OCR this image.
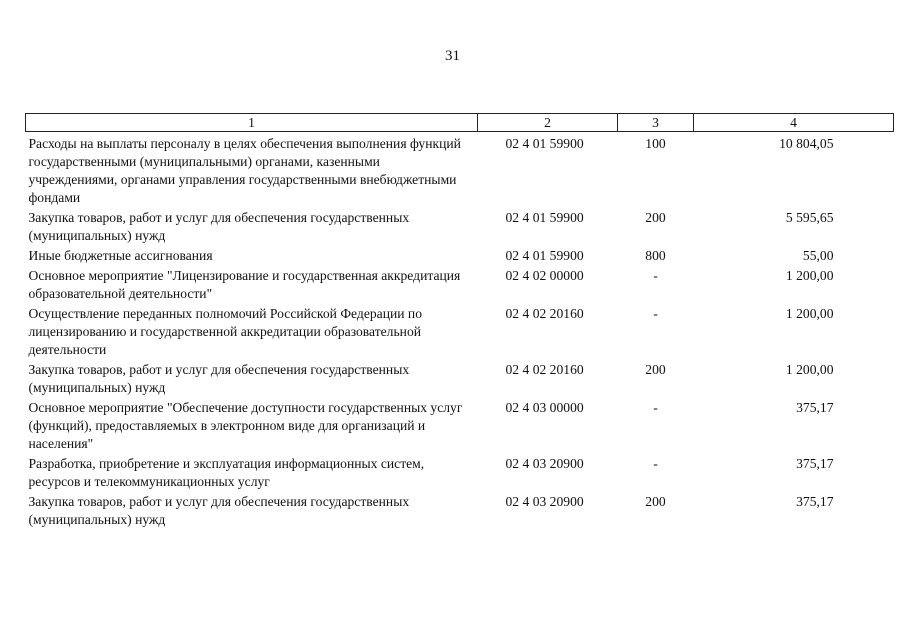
31
1	2	3	4
Расходы на выплаты персоналу в целях обеспечения выполнения функций государственными (муниципальными) органами, казенными учреждениями, органами управления государственными внебюджетными фондами	02 4 01 59900	100	10 804,05
Закупка товаров, работ и услуг для обеспечения государственных (муниципальных) нужд	02 4 01 59900	200	5 595,65
Иные бюджетные ассигнования	02 4 01 59900	800	55,00
Основное мероприятие "Лицензирование и государственная аккредитация образовательной деятельности"	02 4 02 00000	-	1 200,00
Осуществление переданных полномочий Российской Федерации по лицензированию и государственной аккредитации образовательной деятельности	02 4 02 20160	-	1 200,00
Закупка товаров, работ и услуг для обеспечения государственных (муниципальных) нужд	02 4 02 20160	200	1 200,00
Основное мероприятие "Обеспечение доступности государственных услуг (функций), предоставляемых в электронном виде для организаций и населения"	02 4 03 00000	-	375,17
Разработка, приобретение и эксплуатация информационных систем, ресурсов и телекоммуникационных услуг	02 4 03 20900	-	375,17
Закупка товаров, работ и услуг для обеспечения государственных (муниципальных) нужд	02 4 03 20900	200	375,17
